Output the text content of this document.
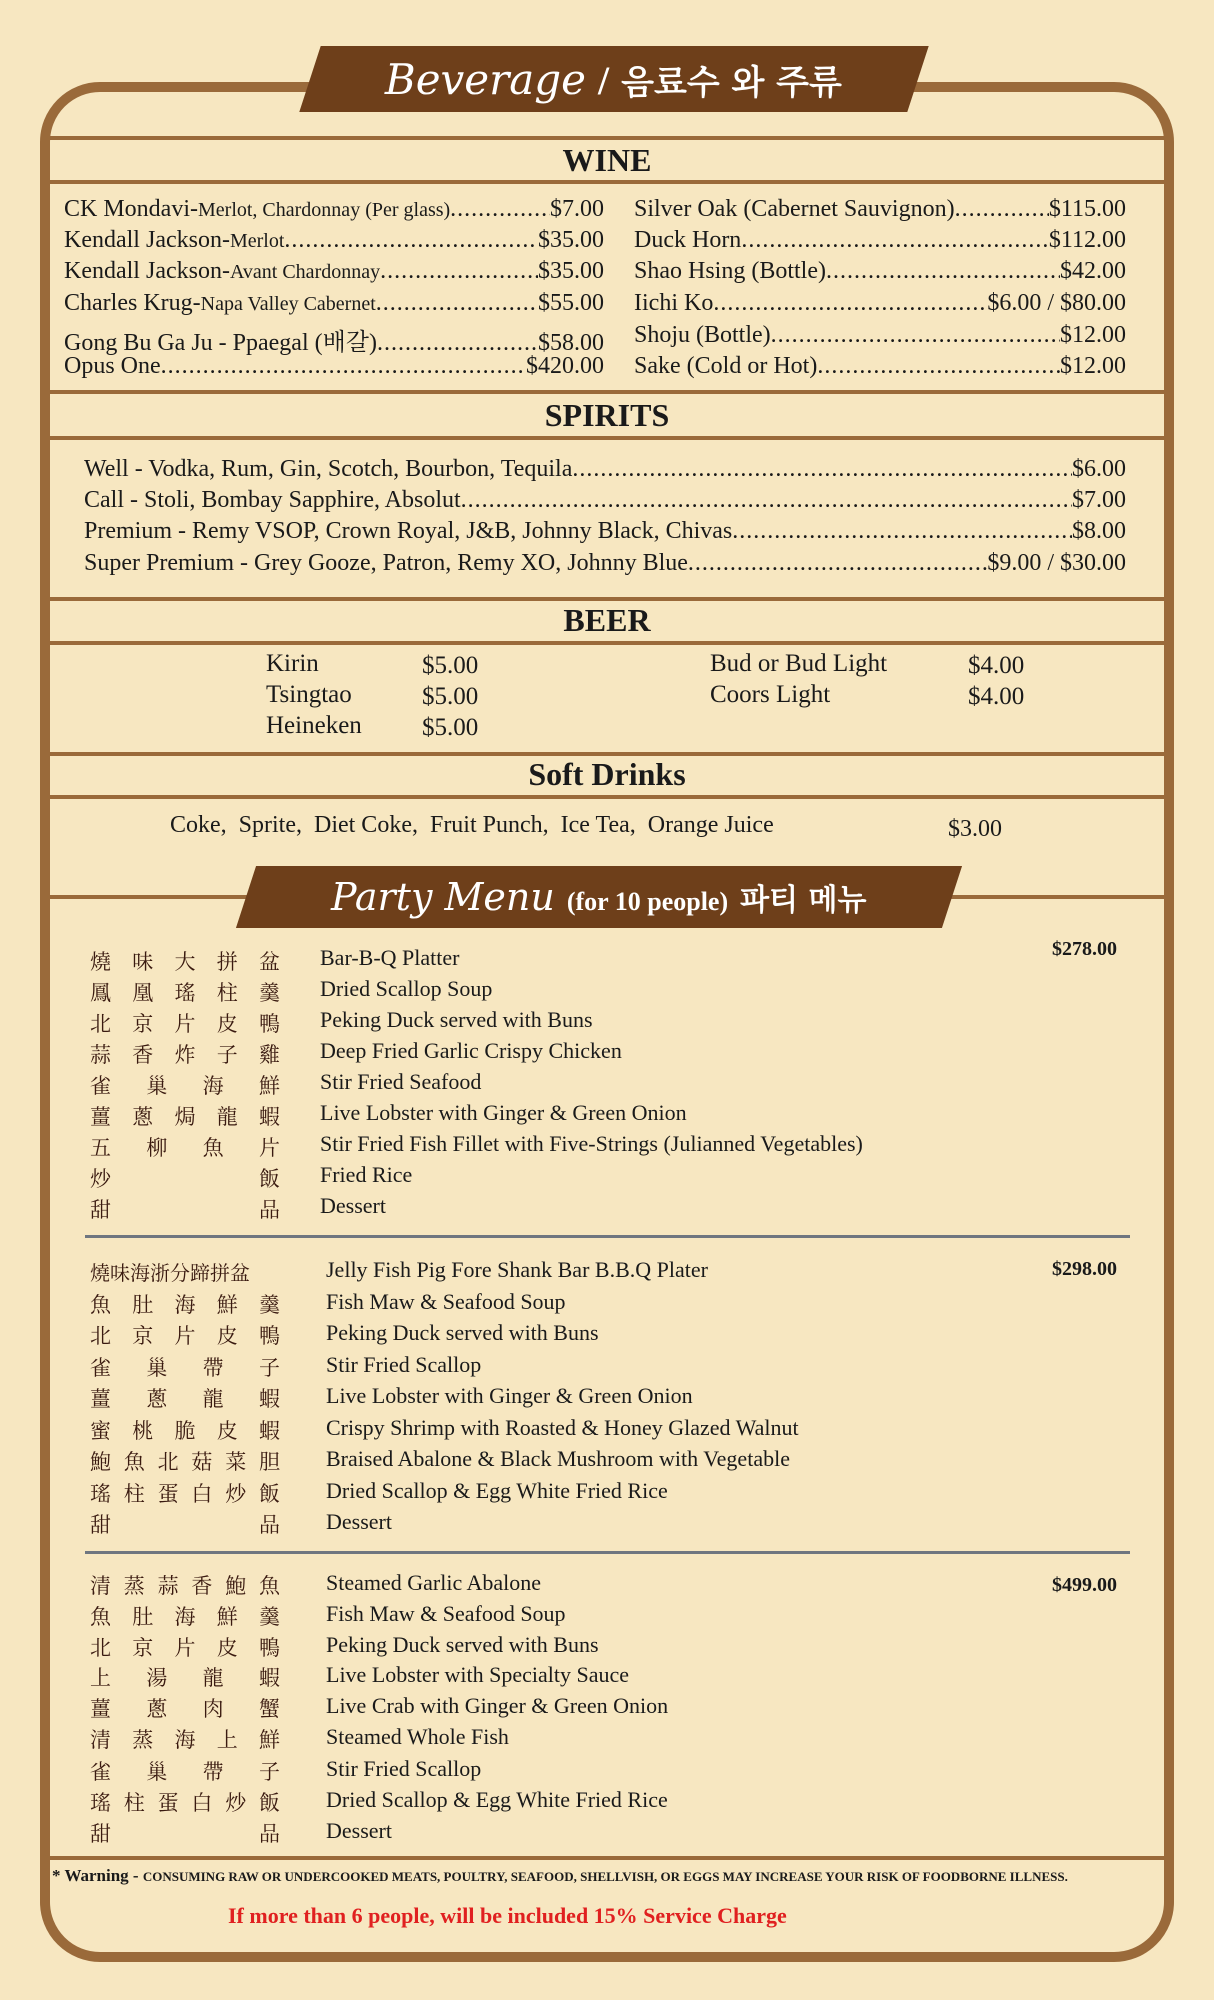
Beverage / 음료수 와 주류
WINE
CK Mondavi- Merlot, Chardonnay (Per glass) .....	$7.00
Kendall Jackson- Merlot .....	$35.00
Kendall Jackson- Avant Chardonnay .....	$35.00
Charles Krug- Napa Valley Cabernet .....	$55.00
Gong Bu Ga Ju - Ppaegal (배갈) .....	$58.00
Opus One .....	$420.00
Silver Oak (Cabernet Sauvignon) .....	$115.00
Duck Horn .....	$112.00
Shao Hsing (Bottle) .....	$42.00
Iichi Ko .....	$6.00 / $80.00
Shoju (Bottle) .....	$12.00
Sake (Cold or Hot) .....	$12.00
SPIRITS
Well - Vodka, Rum, Gin, Scotch, Bourbon, Tequila .....	$6.00
Call - Stoli, Bombay Sapphire, Absolut .....	$7.00
Premium - Remy VSOP, Crown Royal, J&B, Johnny Black, Chivas .....	$8.00
Super Premium - Grey Gooze, Patron, Remy XO, Johnny Blue .....	$9.00 / $30.00
BEER
Kirin	$5.00
Tsingtao	$5.00
Heineken $5.00
Bud or Bud Light	$4.00
Coors Light	$4.00
Soft Drinks
Coke,  Sprite,  Diet Coke,  Fruit Punch,  Ice Tea,  Orange Juice	$3.00
Party Menu (for 10 people) 파티 메뉴
$278.00
燒 味 大 拼 盆 Bar-B-Q Platter
鳳 凰 瑤 柱 羹 Dried Scallop Soup
北 京 片 皮 鴨 Peking Duck served with Buns
蒜 香 炸 子 雞 Deep Fried Garlic Crispy Chicken
雀 巢 海 鮮 Stir Fried Seafood
薑 蔥 焗 龍 蝦 Live Lobster with Ginger & Green Onion
五 柳 魚 片 Stir Fried Fish Fillet with Five-Strings (Julianned Vegetables)
炒	飯 Fried Rice
甜	品 Dessert
$298.00
燒味海浙分蹄拼盆	Jelly Fish Pig Fore Shank Bar B.B.Q Plater
魚 肚 海 鮮 羹 Fish Maw & Seafood Soup
北 京 片 皮 鴨 Peking Duck served with Buns
雀 巢 帶 子 Stir Fried Scallop
薑 蔥 龍 蝦 Live Lobster with Ginger & Green Onion
蜜 桃 脆 皮 蝦 Crispy Shrimp with Roasted & Honey Glazed Walnut
鮑 魚 北 菇 菜 胆 Braised Abalone & Black Mushroom with Vegetable
瑤 柱 蛋 白 炒 飯 Dried Scallop & Egg White Fried Rice
甜	品 Dessert
$499.00
清 蒸 蒜 香 鮑 魚 Steamed Garlic Abalone
魚 肚 海 鮮 羹 Fish Maw & Seafood Soup
北 京 片 皮 鴨 Peking Duck served with Buns
上 湯 龍 蝦 Live Lobster with Specialty Sauce
薑 蔥 肉 蟹 Live Crab with Ginger & Green Onion
清 蒸 海 上 鮮 Steamed Whole Fish
雀 巢 帶 子 Stir Fried Scallop
瑤 柱 蛋 白 炒 飯 Dried Scallop & Egg White Fried Rice
甜	品 Dessert
* Warning - CONSUMING RAW OR UNDERCOOKED MEATS, POULTRY, SEAFOOD, SHELLVISH, OR EGGS MAY INCREASE YOUR RISK OF FOODBORNE ILLNESS.
If more than 6 people, will be included 15% Service Charge
